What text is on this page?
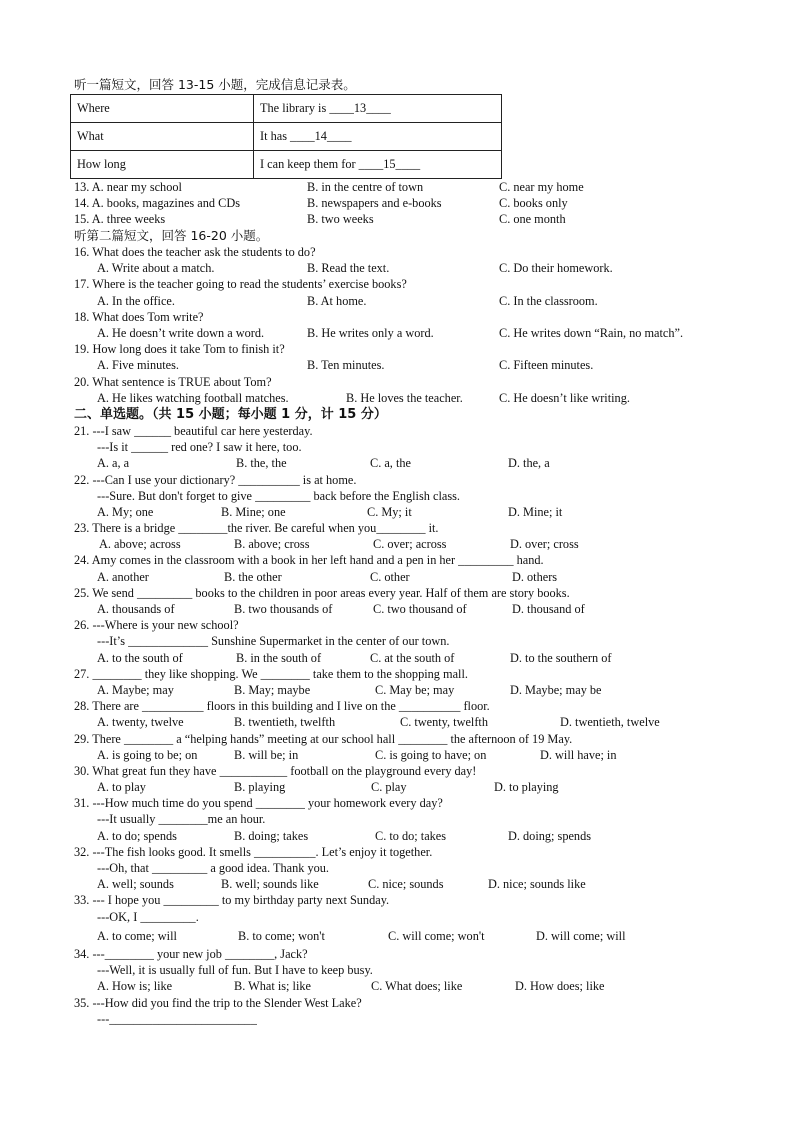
听一篇短文，回答 13-15 小题，完成信息记录表。
Where	The library is ____13____
What	It has ____14____
How long	I can keep them for ____15____
13. A. near my school	B. in the centre of town	C. near my home
14. A. books, magazines and CDs	B. newspapers and e-books	C. books only
15. A. three weeks	B. two weeks	C. one month
听第二篇短文，回答 16-20 小题。
16. What does the teacher ask the students to do?
A. Write about a match.	B. Read the text.	C. Do their homework.
17. Where is the teacher going to read the students’ exercise books?
A. In the office.	B. At home.	C. In the classroom.
18. What does Tom write?
A. He doesn’t write down a word.	B. He writes only a word.	C. He writes down “Rain, no match”.
19. How long does it take Tom to finish it?
A. Five minutes.	B. Ten minutes.	C. Fifteen minutes.
20. What sentence is TRUE about Tom?
A. He likes watching football matches.	B. He loves the teacher.	C. He doesn’t like writing.
二、单选题。（共 15 小题；每小题 1 分，计 15 分）
21. ---I saw ______ beautiful car here yesterday.
---Is it ______ red one? I saw it here, too.
A. a, a	B. the, the	C. a, the	D. the, a
22. ---Can I use your dictionary? __________ is at home.
---Sure. But don't forget to give _________ back before the English class.
A. My; one	B. Mine; one	C. My; it	D. Mine; it
23. There is a bridge ________the river. Be careful when you________ it.
A. above; across	B. above; cross	C. over; across	D. over; cross
24. Amy comes in the classroom with a book in her left hand and a pen in her _________ hand.
A. another	B. the other	C. other	D. others
25. We send _________ books to the children in poor areas every year. Half of them are story books.
A. thousands of	B. two thousands of	C. two thousand of	D. thousand of
26. ---Where is your new school?
---It’s _____________ Sunshine Supermarket in the center of our town.
A. to the south of	B. in the south of	C. at the south of	D. to the southern of
27. ________ they like shopping. We ________ take them to the shopping mall.
A. Maybe; may	B. May; maybe	C. May be; may	D. Maybe; may be
28. There are __________ floors in this building and I live on the __________ floor.
A. twenty, twelve	B. twentieth, twelfth	C. twenty, twelfth	D. twentieth, twelve
29. There ________ a “helping hands” meeting at our school hall ________ the afternoon of 19 May.
A. is going to be; on	B. will be; in	C. is going to have; on	D. will have; in
30. What great fun they have ___________ football on the playground every day!
A. to play	B. playing	C. play	D. to playing
31. ---How much time do you spend ________ your homework every day?
---It usually ________me an hour.
A. to do; spends	B. doing; takes	C. to do; takes	D. doing; spends
32. ---The fish looks good. It smells __________. Let’s enjoy it together.
---Oh, that _________ a good idea. Thank you.
A. well; sounds	B. well; sounds like	C. nice; sounds	D. nice; sounds like
33. --- I hope you _________ to my birthday party next Sunday.
---OK, I _________.
A. to come; will	B. to come; won't	C. will come; won't	D. will come; will
34. ---________ your new job ________, Jack?
---Well, it is usually full of fun. But I have to keep busy.
A. How is; like	B. What is; like	C. What does; like	D. How does; like
35. ---How did you find the trip to the Slender West Lake?
---________________________
